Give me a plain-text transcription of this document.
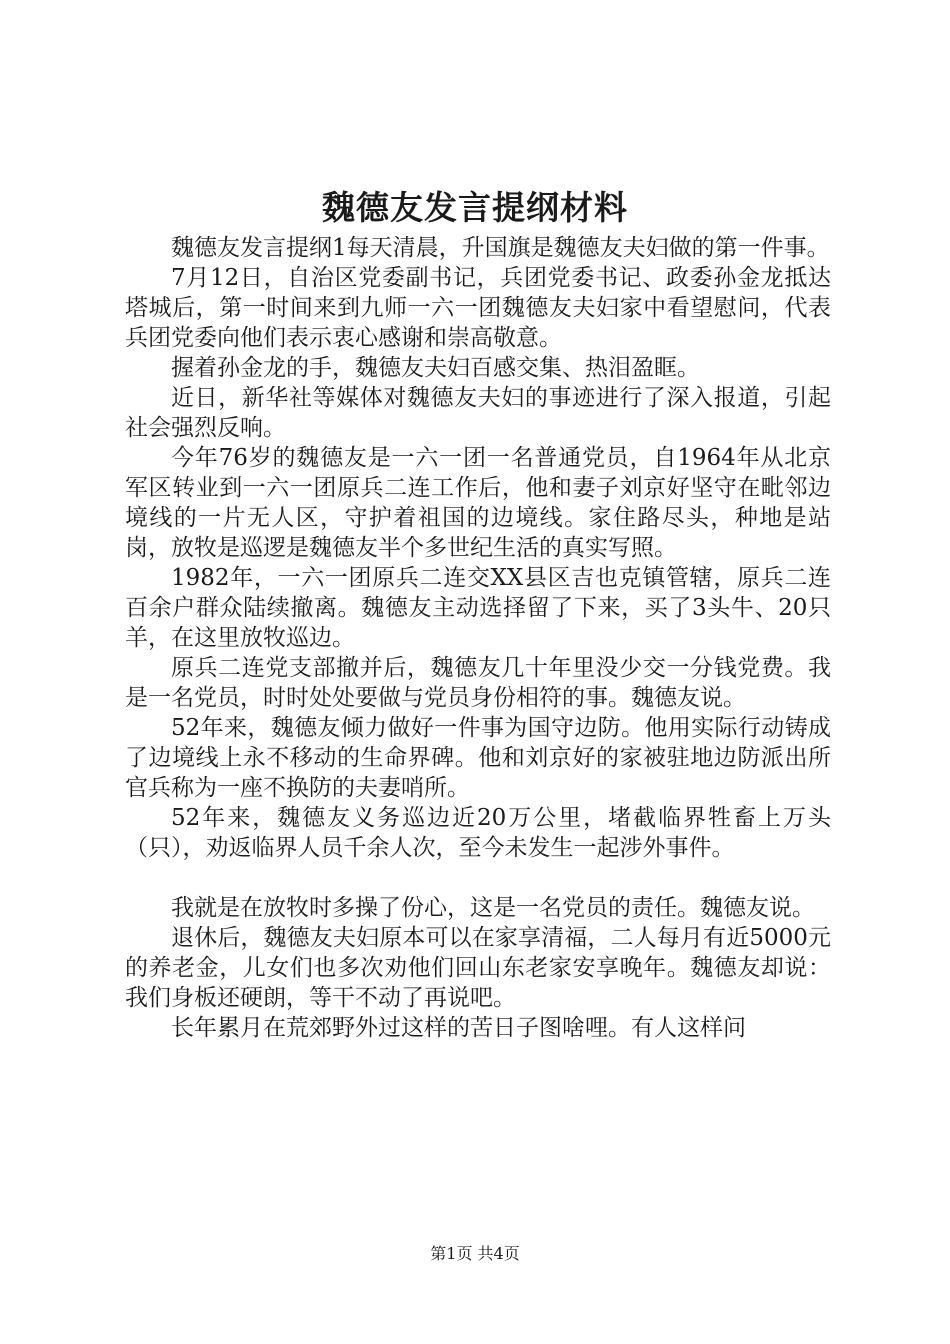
魏德友发言提纲材料

魏德友发言提纲1每天清晨，升国旗是魏德友夫妇做的第一件事。

7月12日，自治区党委副书记，兵团党委书记、政委孙金龙抵达塔城后，第一时间来到九师一六一团魏德友夫妇家中看望慰问，代表兵团党委向他们表示衷心感谢和崇高敬意。

握着孙金龙的手，魏德友夫妇百感交集、热泪盈眶。

近日，新华社等媒体对魏德友夫妇的事迹进行了深入报道，引起社会强烈反响。

今年76岁的魏德友是一六一团一名普通党员，自1964年从北京军区转业到一六一团原兵二连工作后，他和妻子刘京好坚守在毗邻边境线的一片无人区，守护着祖国的边境线。家住路尽头，种地是站岗，放牧是巡逻是魏德友半个多世纪生活的真实写照。

1982年，一六一团原兵二连交XX县区吉也克镇管辖，原兵二连百余户群众陆续撤离。魏德友主动选择留了下来，买了3头牛、20只羊，在这里放牧巡边。

原兵二连党支部撤并后，魏德友几十年里没少交一分钱党费。我是一名党员，时时处处要做与党员身份相符的事。魏德友说。

52年来，魏德友倾力做好一件事为国守边防。他用实际行动铸成了边境线上永不移动的生命界碑。他和刘京好的家被驻地边防派出所官兵称为一座不换防的夫妻哨所。

52年来，魏德友义务巡边近20万公里，堵截临界牲畜上万头（只），劝返临界人员千余人次，至今未发生一起涉外事件。

我就是在放牧时多操了份心，这是一名党员的责任。魏德友说。

退休后，魏德友夫妇原本可以在家享清福，二人每月有近5000元的养老金，儿女们也多次劝他们回山东老家安享晚年。魏德友却说：我们身板还硬朗，等干不动了再说吧。

长年累月在荒郊野外过这样的苦日子图啥哩。有人这样问

第1页 共4页
